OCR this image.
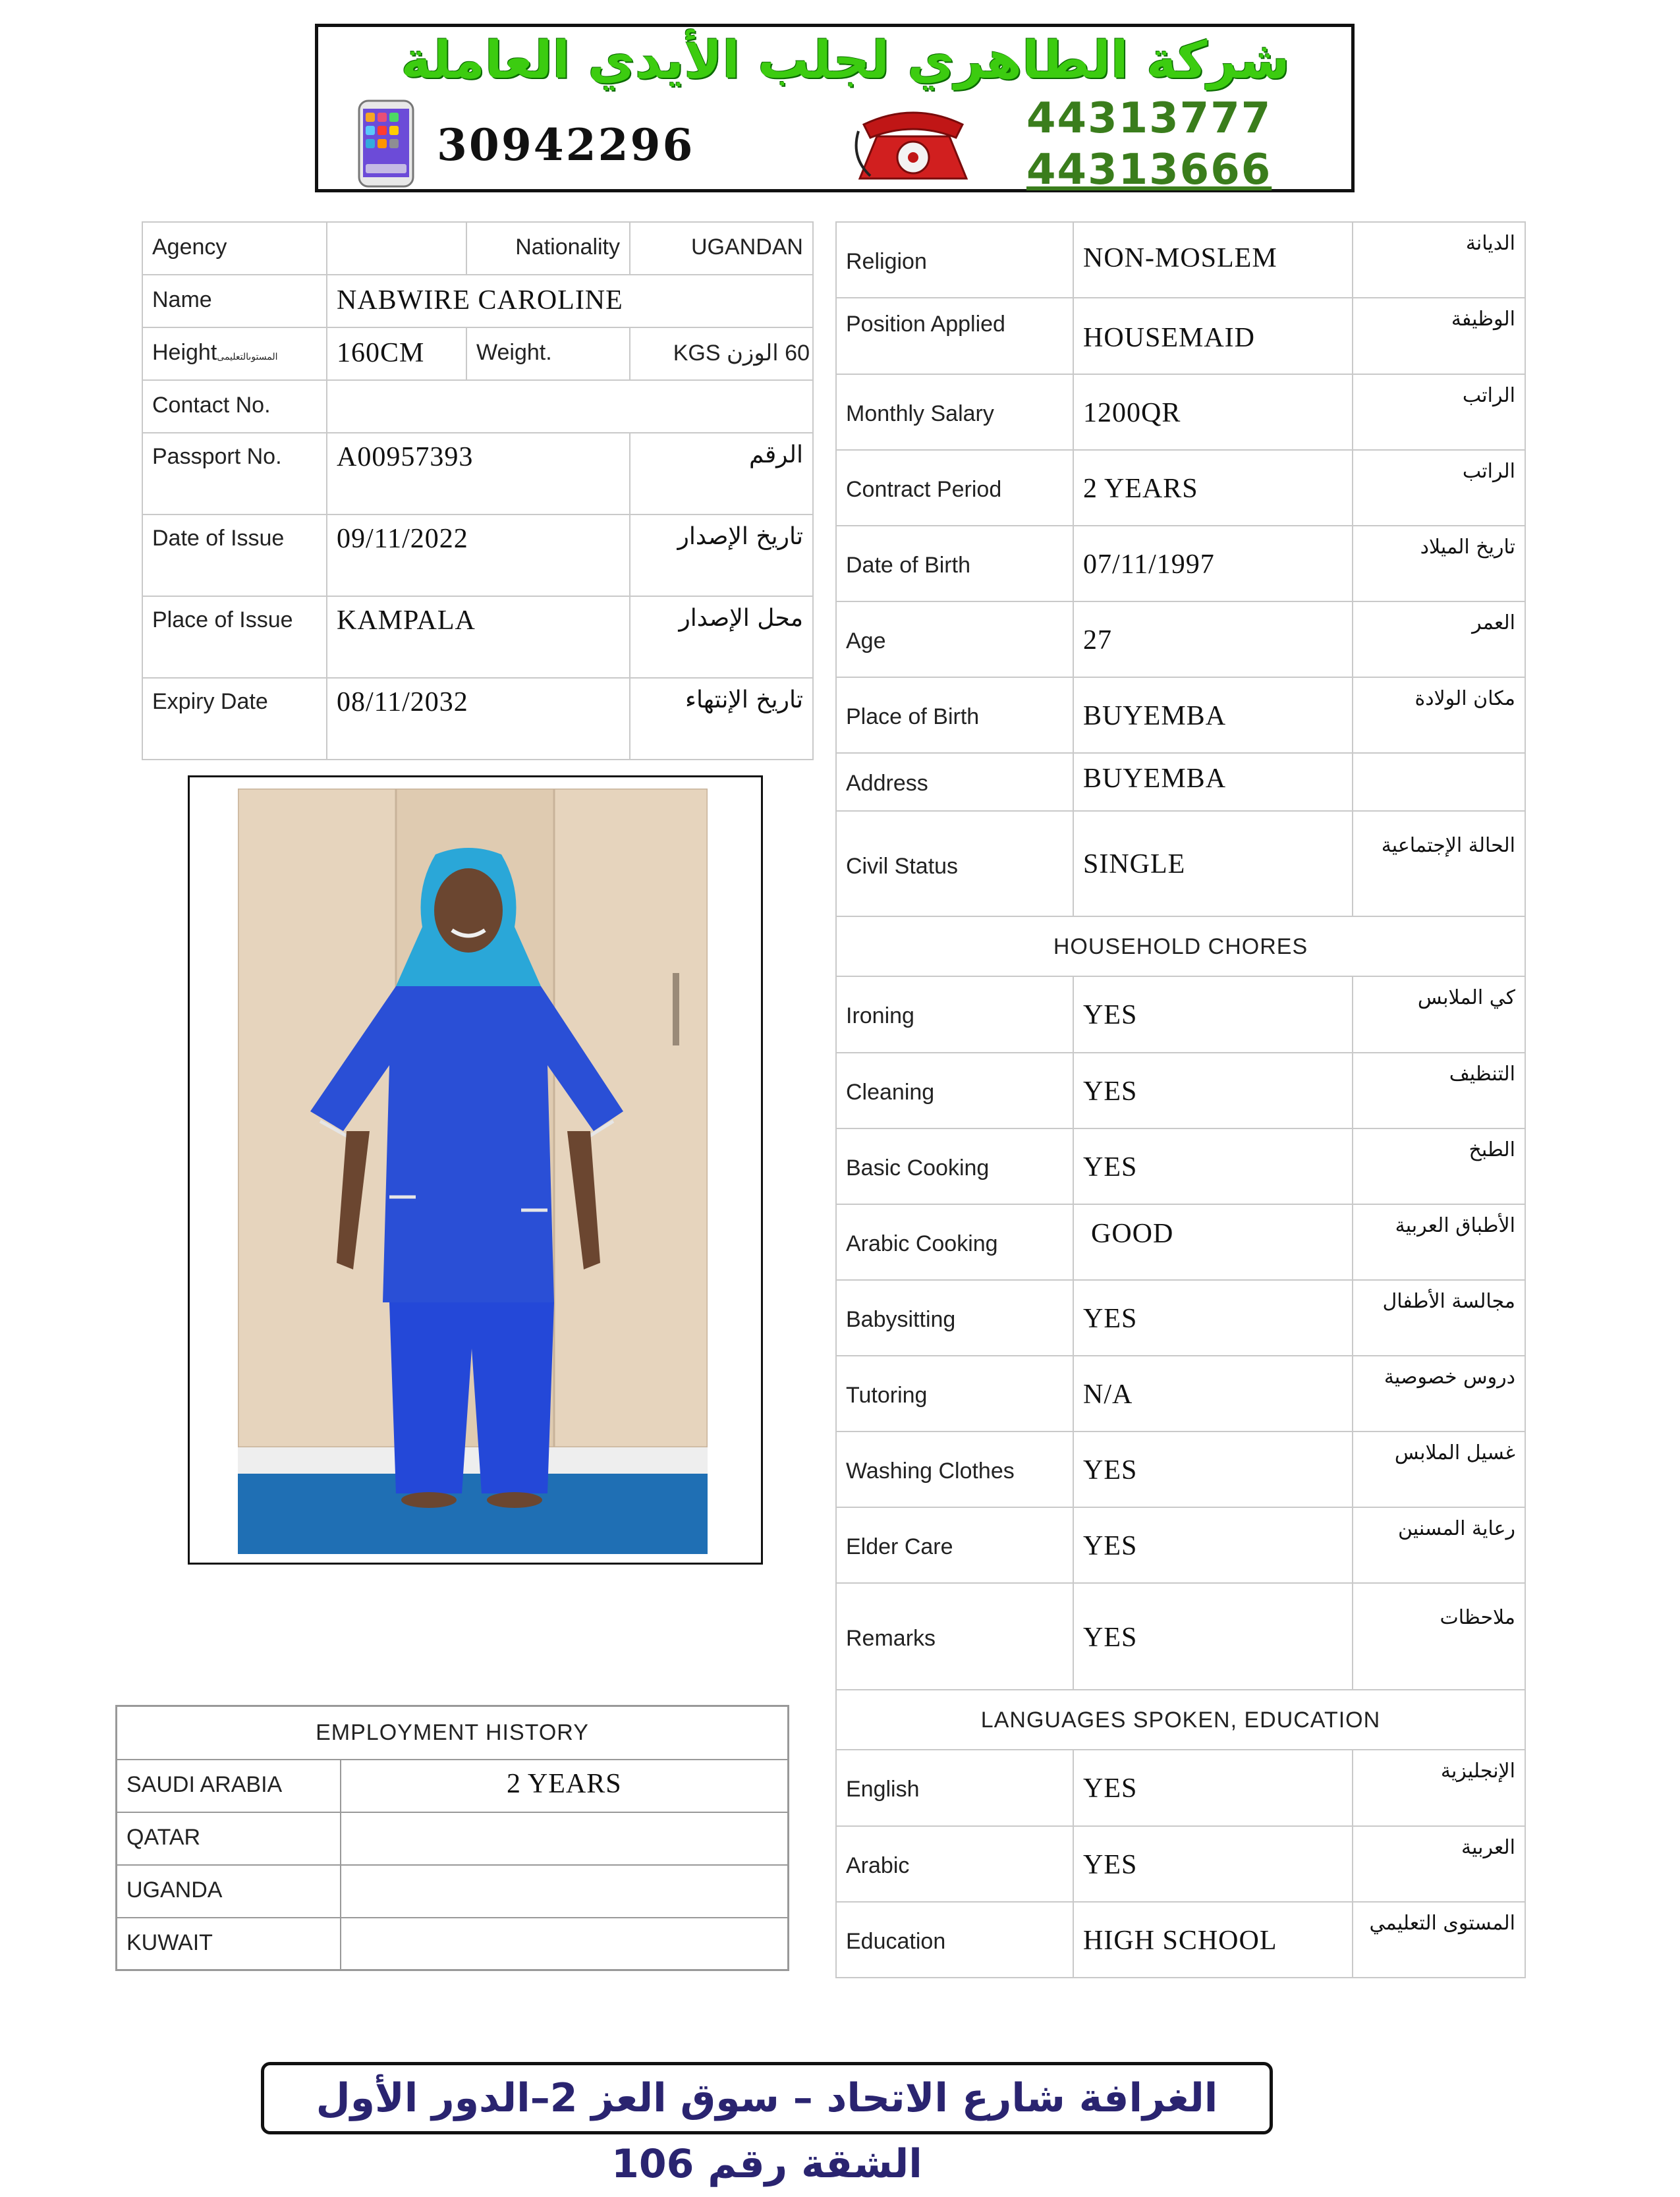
شركة الطاهري لجلب الأيدي العاملة
30942296
44313777
44313666
Agency		Nationality	UGANDAN

Name	NABWIRE CAROLINE		

Heightالمستوىالتعليمى	160CM	Weight.	60 الوزن KGS

Contact No.			

Passport No.	A00957393		الرقم

Date of Issue	09/11/2022		تاريخ الإصدار

Place of Issue	KAMPALA		محل الإصدار

Expiry Date	08/11/2032		تاريخ الإنتهاء
Religion	NON-MOSLEM	الديانة

Position Applied	HOUSEMAID	الوظيفة

Monthly Salary	1200QR	الراتب

Contract Period	2 YEARS	الراتب

Date of Birth	07/11/1997	تاريخ الميلاد

Age	27	العمر

Place of Birth	BUYEMBA	مكان الولادة

Address	BUYEMBA	

Civil Status	SINGLE	الحالة الإجتماعية

HOUSEHOLD CHORES		

Ironing	YES	كي الملابس

Cleaning	YES	التنظيف

Basic Cooking	YES	الطبخ

Arabic Cooking	GOOD	الأطباق العربية

Babysitting	YES	مجالسة الأطفال

Tutoring	N/A	دروس خصوصية

Washing Clothes	YES	غسيل الملابس

Elder Care	YES	رعاية المسنين

Remarks	YES	ملاحظات

LANGUAGES SPOKEN, EDUCATION		

English	YES	الإنجليزية

Arabic	YES	العربية

Education	HIGH SCHOOL	المستوى التعليمي
EMPLOYMENT HISTORY	

SAUDI ARABIA	2 YEARS

QATAR	

UGANDA	

KUWAIT	

الغرافة شارع الاتحاد – سوق العز 2–الدور الأول الشقة رقم 106
